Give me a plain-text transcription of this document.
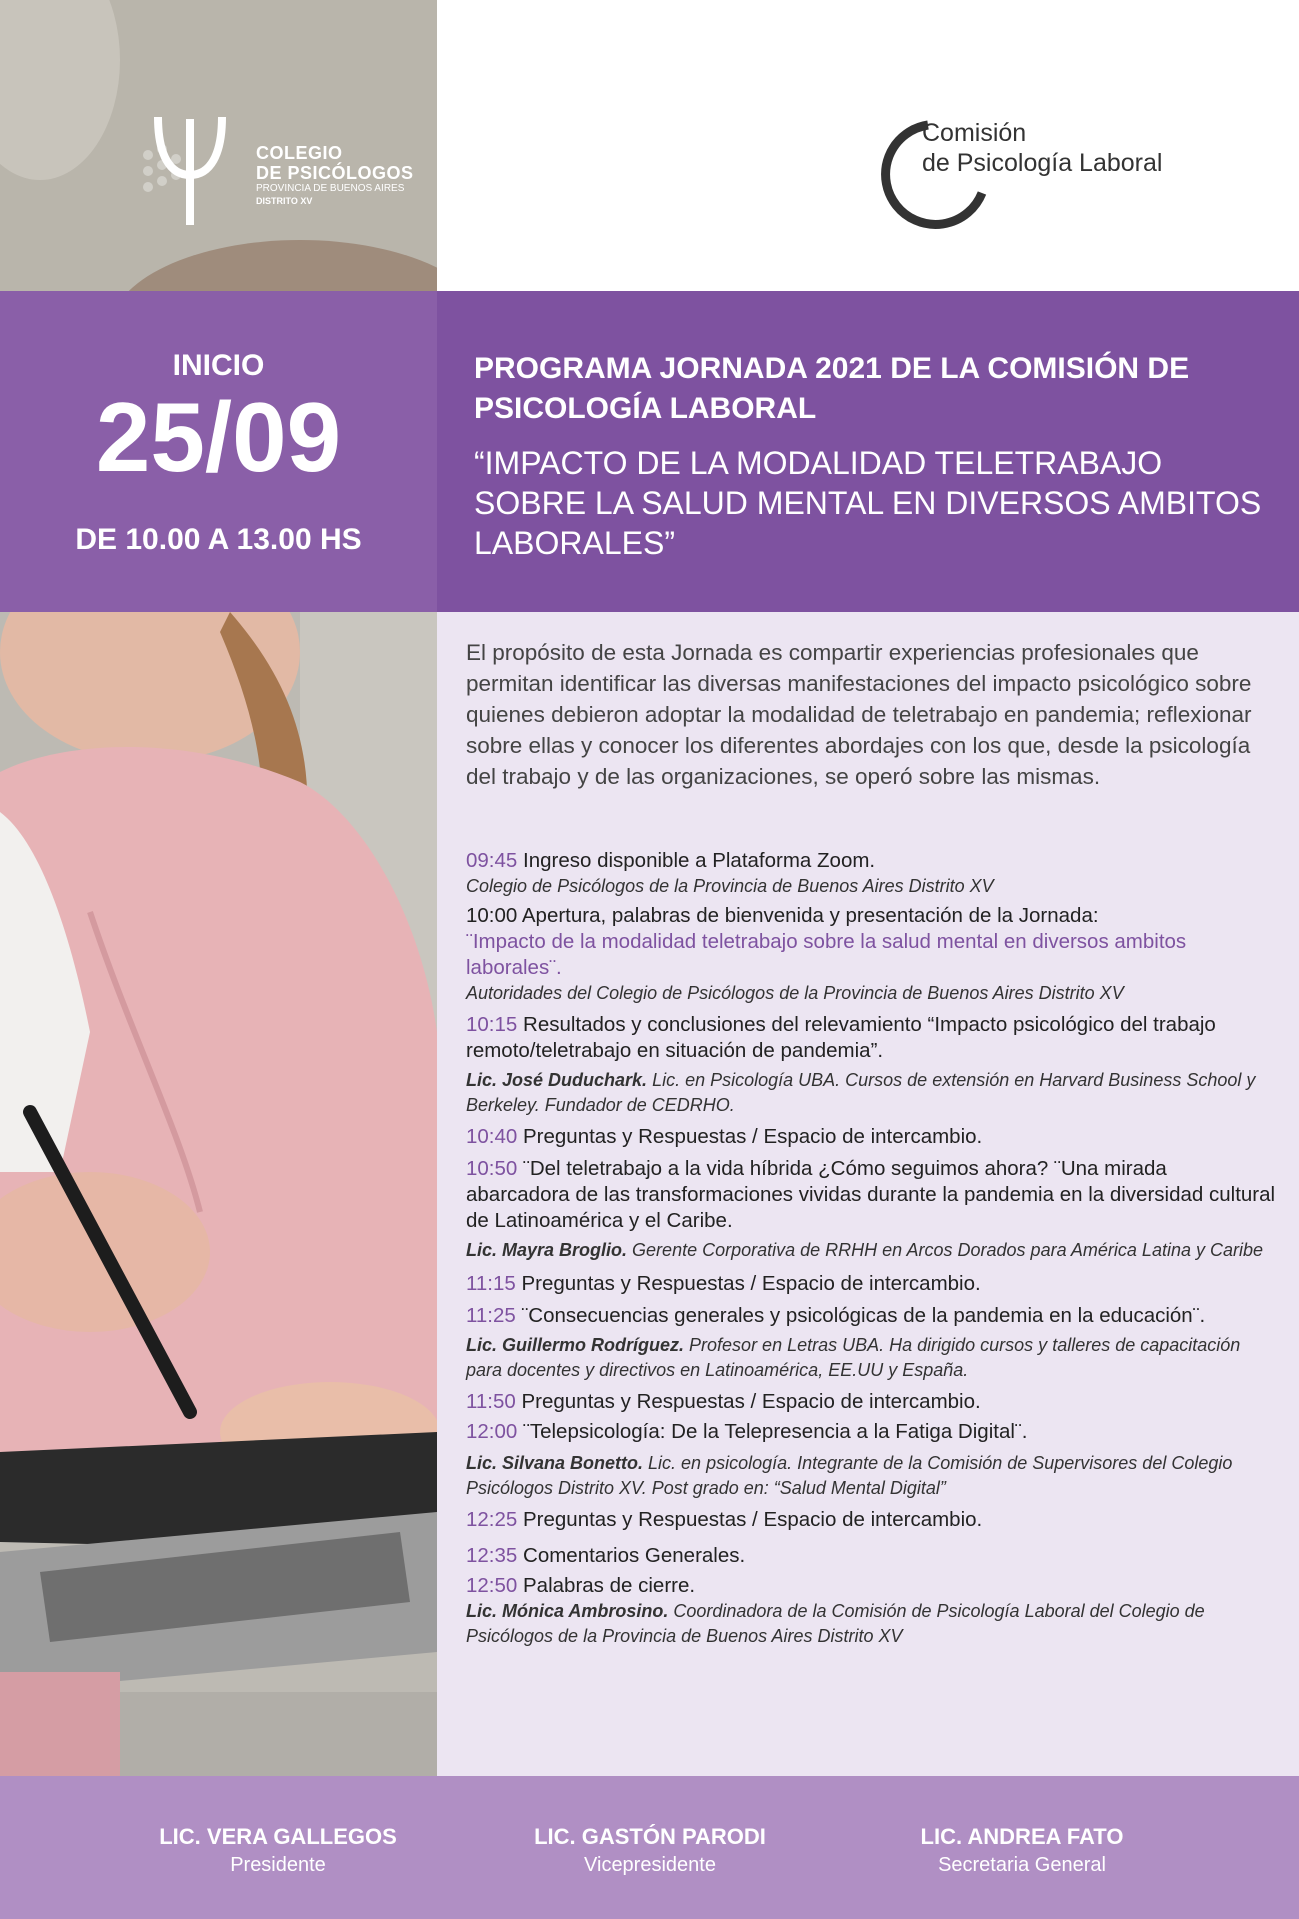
COLEGIO
DE PSICÓLOGOS
PROVINCIA DE BUENOS AIRES
DISTRITO XV
Comisión
de Psicología Laboral
INICIO
25/09
DE 10.00 A 13.00 HS
PROGRAMA JORNADA 2021 DE LA COMISIÓN DE PSICOLOGÍA LABORAL
“IMPACTO DE LA MODALIDAD TELETRABAJO SOBRE LA SALUD MENTAL EN DIVERSOS AMBITOS LABORALES”
El propósito de esta Jornada es compartir experiencias profesionales que permitan identificar las diversas manifestaciones del impacto psicológico sobre quienes debieron adoptar la modalidad de teletrabajo en pandemia; reflexionar sobre ellas y conocer los diferentes abordajes con los que, desde la psicología del trabajo y de las organizaciones, se operó sobre las mismas.
09:45 Ingreso disponible a Plataforma Zoom.
Colegio de Psicólogos de la Provincia de Buenos Aires Distrito XV
10:00 Apertura, palabras de bienvenida y presentación de la Jornada:
¨Impacto de la modalidad teletrabajo sobre la salud mental en diversos ambitos laborales¨.
Autoridades del Colegio de Psicólogos de la Provincia de Buenos Aires Distrito XV
10:15 Resultados y conclusiones del relevamiento “Impacto psicológico del trabajo remoto/teletrabajo en situación de pandemia”.
Lic. José Duduchark. Lic. en Psicología UBA. Cursos de extensión en Harvard Business School y Berkeley. Fundador de CEDRHO.
10:40 Preguntas y Respuestas / Espacio de intercambio.
10:50 ¨Del teletrabajo a la vida híbrida ¿Cómo seguimos ahora? ¨Una mirada abarcadora de las transformaciones vividas durante la pandemia en la diversidad cultural de Latinoamérica y el Caribe.
Lic. Mayra Broglio. Gerente Corporativa de RRHH en Arcos Dorados para América Latina y Caribe
11:15 Preguntas y Respuestas / Espacio de intercambio.
11:25 ¨Consecuencias generales y psicológicas de la pandemia en la educación¨.
Lic. Guillermo Rodríguez. Profesor en Letras UBA. Ha dirigido cursos y talleres de capacitación para docentes y directivos en Latinoamérica, EE.UU y España.
11:50 Preguntas y Respuestas / Espacio de intercambio.
12:00 ¨Telepsicología: De la Telepresencia a la Fatiga Digital¨.
Lic. Silvana Bonetto. Lic. en psicología. Integrante de la Comisión de Supervisores del Colegio Psicólogos Distrito XV. Post grado en: “Salud Mental Digital”
12:25 Preguntas y Respuestas / Espacio de intercambio.
12:35 Comentarios Generales.
12:50 Palabras de cierre.
Lic. Mónica Ambrosino. Coordinadora de la Comisión de Psicología Laboral del Colegio de Psicólogos de la Provincia de Buenos Aires Distrito XV
LIC. VERA GALLEGOS
Presidente
LIC. GASTÓN PARODI
Vicepresidente
LIC. ANDREA FATO
Secretaria General
